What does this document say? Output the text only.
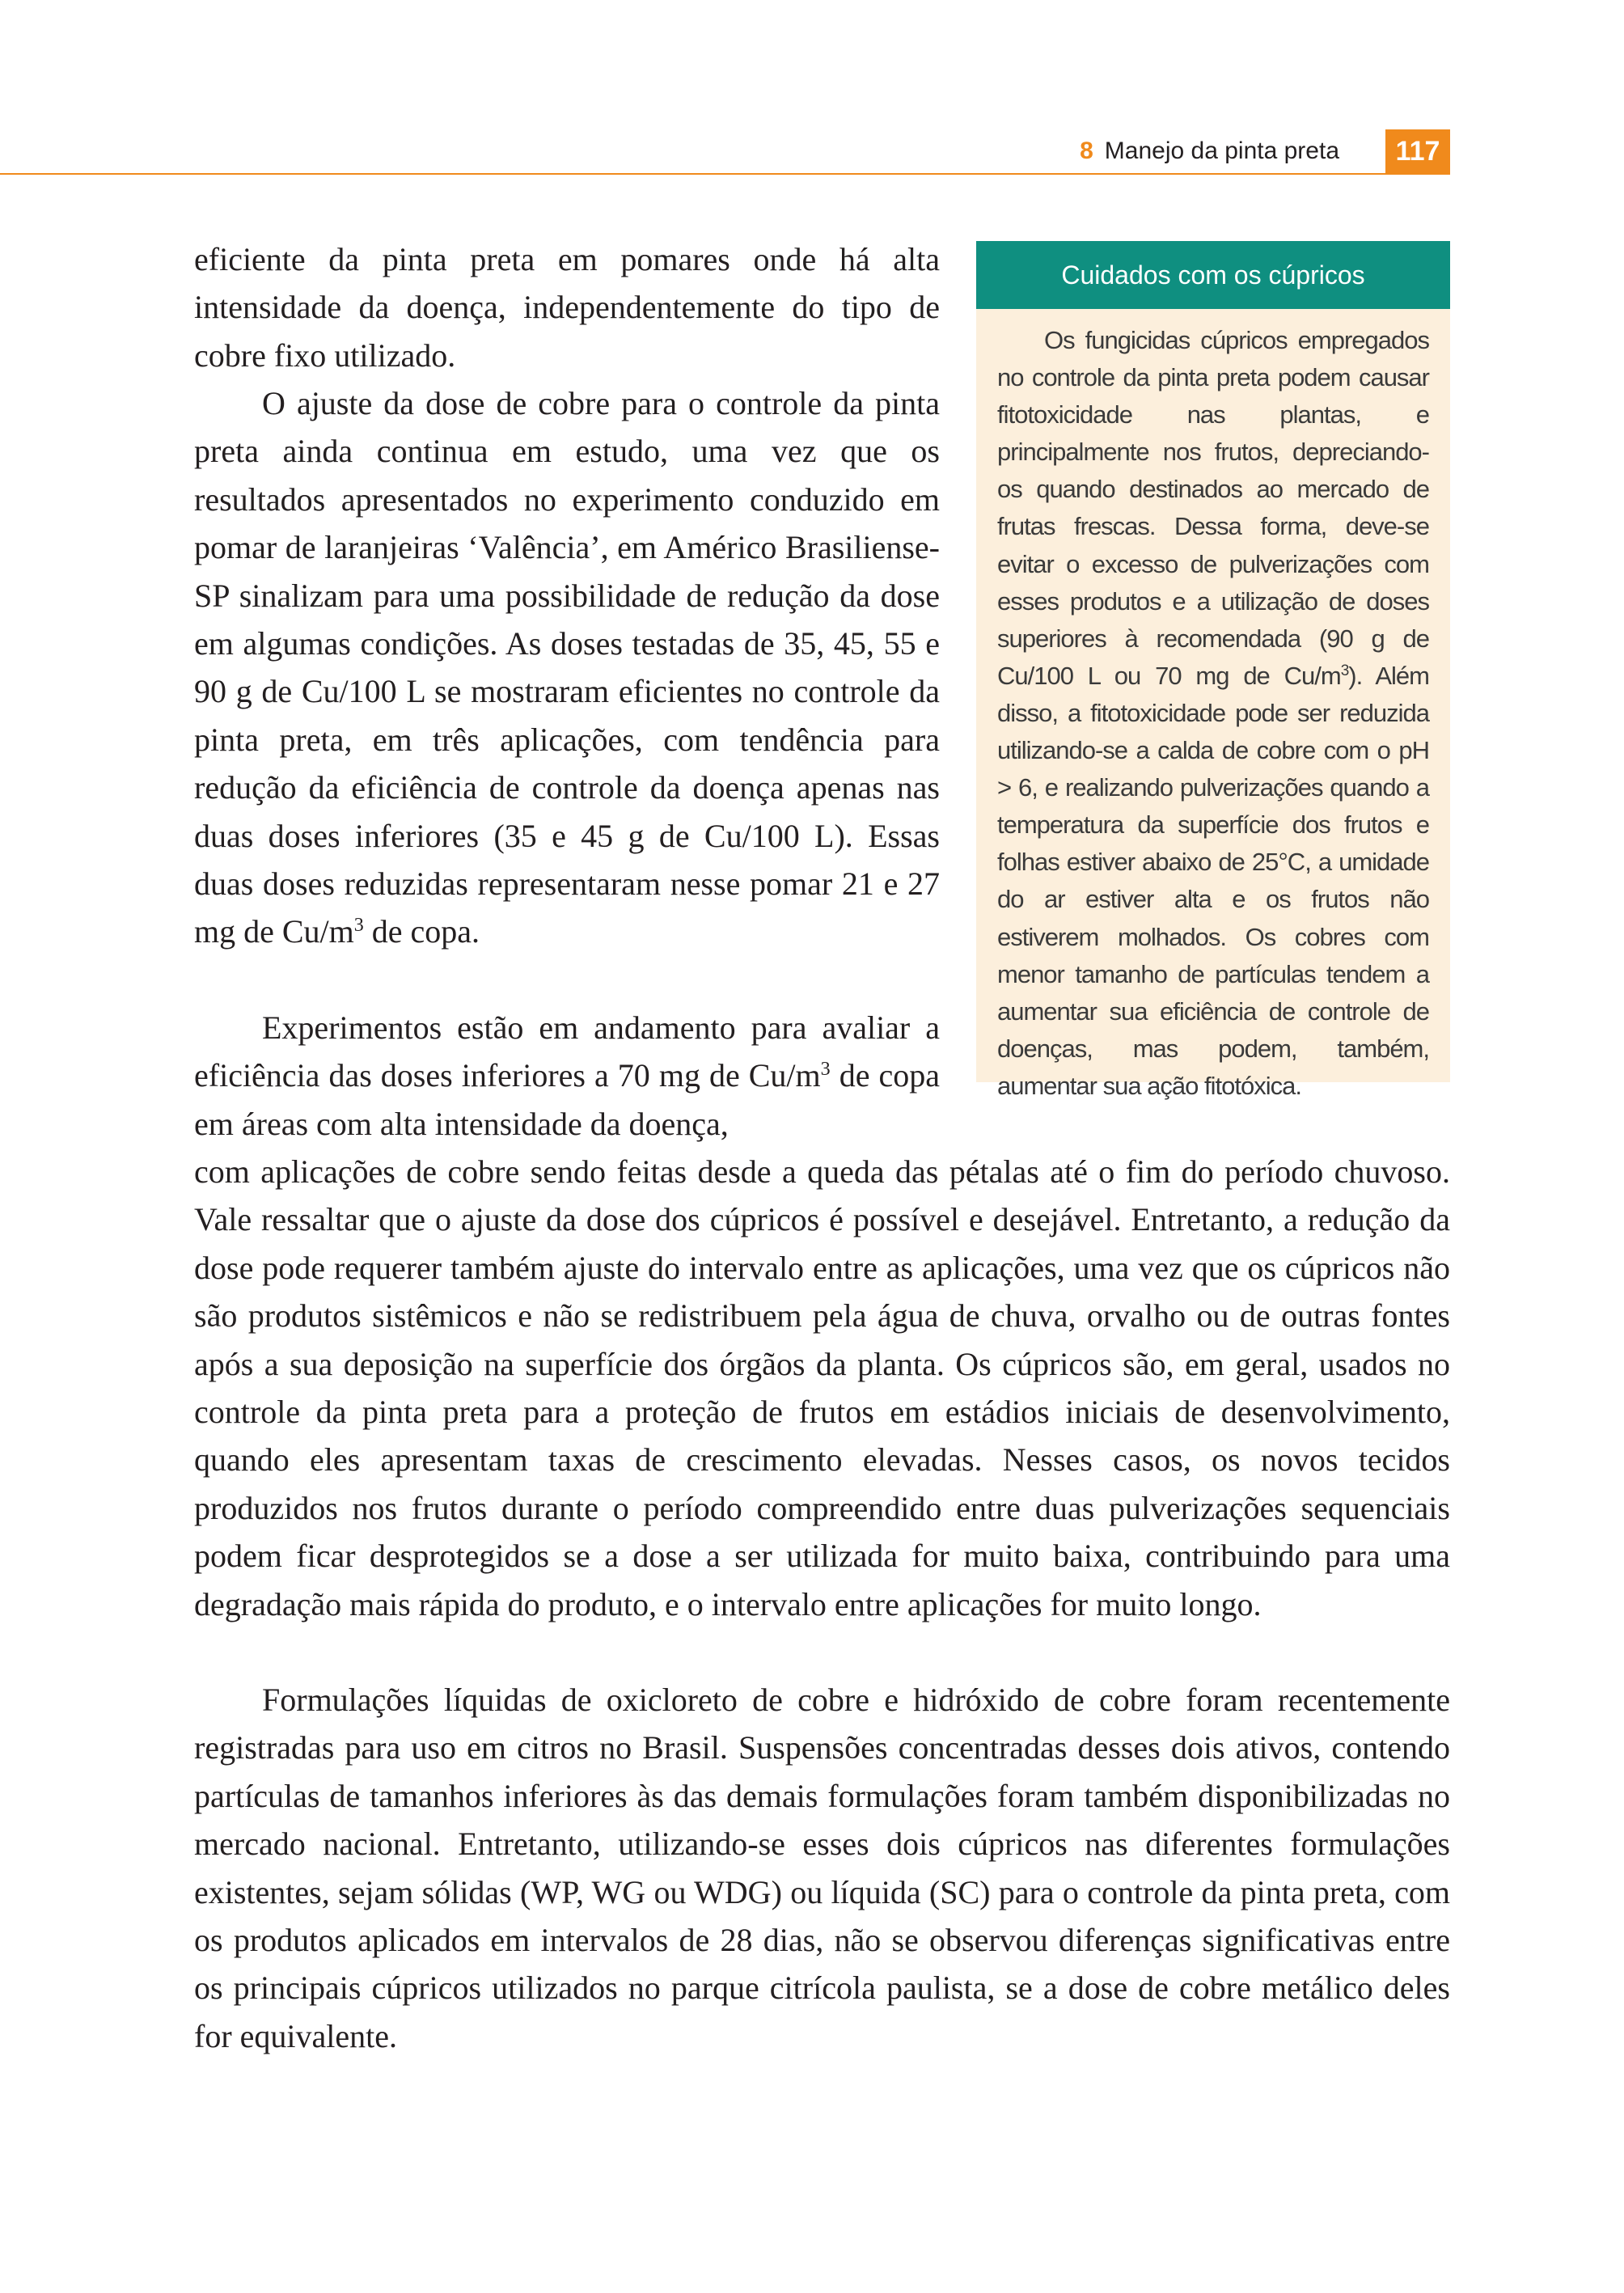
8 Manejo da pinta preta	117

eficiente da pinta preta em pomares onde há alta intensidade da doença, independentemente do tipo de cobre fixo utilizado.

O ajuste da dose de cobre para o controle da pinta preta ainda continua em estudo, uma vez que os resultados apresentados no experimento conduzido em pomar de laranjeiras ‘Valência’, em Américo Brasiliense-SP sinalizam para uma possibilidade de redução da dose em algumas condições. As doses testadas de 35, 45, 55 e 90 g de Cu/100 L se mostraram eficientes no controle da pinta preta, em três aplicações, com tendência para redução da eficiência de controle da doença apenas nas duas doses inferiores (35 e 45 g de Cu/100 L). Essas duas doses reduzidas representaram nesse pomar 21 e 27 mg de $Cu/m^3$ de copa.

Experimentos estão em andamento para avaliar a eficiência das doses inferiores a 70 mg de $Cu/m^3$ de copa em áreas com alta intensidade da doença,

com aplicações de cobre sendo feitas desde a queda das pétalas até o fim do período chuvoso. Vale ressaltar que o ajuste da dose dos cúpricos é possível e desejável. Entretanto, a redução da dose pode requerer também ajuste do intervalo entre as aplicações, uma vez que os cúpricos não são produtos sistêmicos e não se redistribuem pela água de chuva, orvalho ou de outras fontes após a sua deposição na superfície dos órgãos da planta. Os cúpricos são, em geral, usados no controle da pinta preta para a proteção de frutos em estádios iniciais de desenvolvimento, quando eles apresentam taxas de crescimento elevadas. Nesses casos, os novos tecidos produzidos nos frutos durante o período compreendido entre duas pulverizações sequenciais podem ficar desprotegidos se a dose a ser utilizada for muito baixa, contribuindo para uma degradação mais rápida do produto, e o intervalo entre aplicações for muito longo.

Formulações líquidas de oxicloreto de cobre e hidróxido de cobre foram recentemente registradas para uso em citros no Brasil. Suspensões concentradas desses dois ativos, contendo partículas de tamanhos inferiores às das demais formulações foram também disponibilizadas no mercado nacional. Entretanto, utilizando-se esses dois cúpricos nas diferentes formulações existentes, sejam sólidas (WP, WG ou WDG) ou líquida (SC) para o controle da pinta preta, com os produtos aplicados em intervalos de 28 dias, não se observou diferenças significativas entre os principais cúpricos utilizados no parque citrícola paulista, se a dose de cobre metálico deles for equivalente.

Cuidados com os cúpricos

Os fungicidas cúpricos empregados no controle da pinta preta podem causar fitotoxicidade nas plantas, e principalmente nos frutos, depreciando-os quando destinados ao mercado de frutas frescas. Dessa forma, deve-se evitar o excesso de pulverizações com esses produtos e a utilização de doses superiores à recomendada (90 g de Cu/100 L ou 70 mg de $Cu/m^3$). Além disso, a fitotoxicidade pode ser reduzida utilizando-se a calda de cobre com o pH > 6, e realizando pulverizações quando a temperatura da superfície dos frutos e folhas estiver abaixo de 25°C, a umidade do ar estiver alta e os frutos não estiverem molhados. Os cobres com menor tamanho de partículas tendem a aumentar sua eficiência de controle de doenças, mas podem, também, aumentar sua ação fitotóxica.
